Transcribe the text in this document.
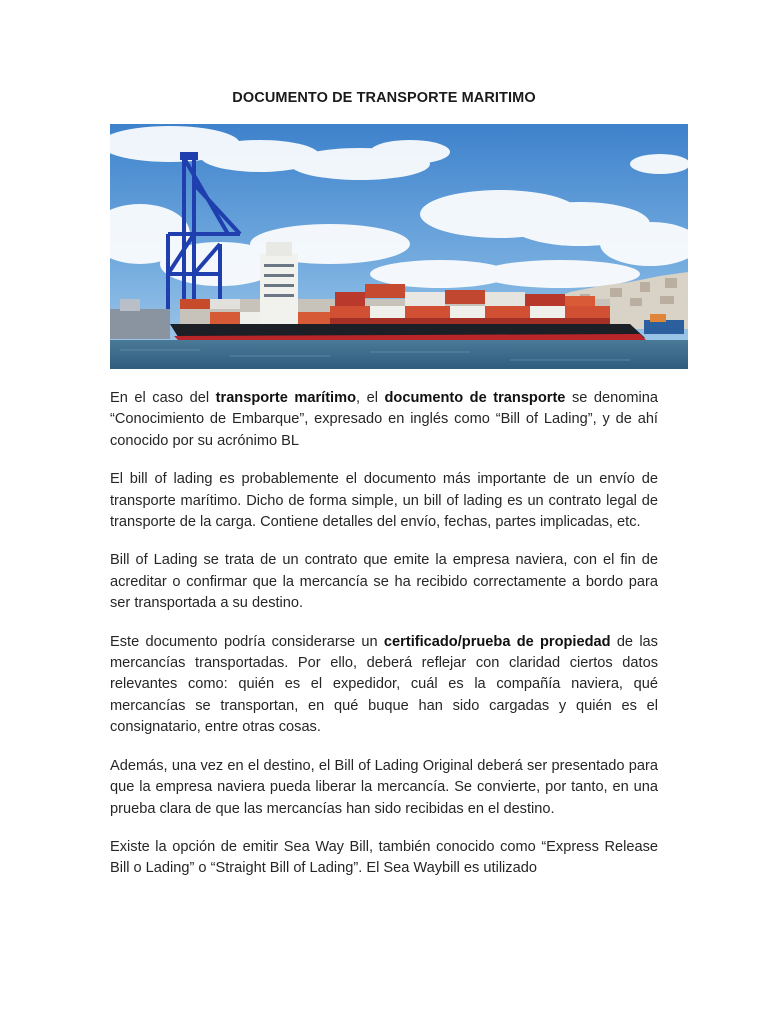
DOCUMENTO DE TRANSPORTE MARITIMO

En el caso del transporte marítimo, el documento de transporte se denomina “Conocimiento de Embarque”, expresado en inglés como “Bill of Lading”, y de ahí conocido por su acrónimo BL

El bill of lading es probablemente el documento más importante de un envío de transporte marítimo. Dicho de forma simple, un bill of lading es un contrato legal de transporte de la carga. Contiene detalles del envío, fechas, partes implicadas, etc.

Bill of Lading se trata de un contrato que emite la empresa naviera, con el fin de acreditar o confirmar que la mercancía se ha recibido correctamente a bordo para ser transportada a su destino.

Este documento podría considerarse un certificado/prueba de propiedad de las mercancías transportadas. Por ello, deberá reflejar con claridad ciertos datos relevantes como: quién es el expedidor, cuál es la compañía naviera, qué mercancías se transportan, en qué buque han sido cargadas y quién es el consignatario, entre otras cosas.

Además, una vez en el destino, el Bill of Lading Original deberá ser presentado para que la empresa naviera pueda liberar la mercancía. Se convierte, por tanto, en una prueba clara de que las mercancías han sido recibidas en el destino.

Existe la opción de emitir Sea Way Bill, también conocido como “Express Release Bill o Lading” o “Straight Bill of Lading”. El Sea Waybill es utilizado
